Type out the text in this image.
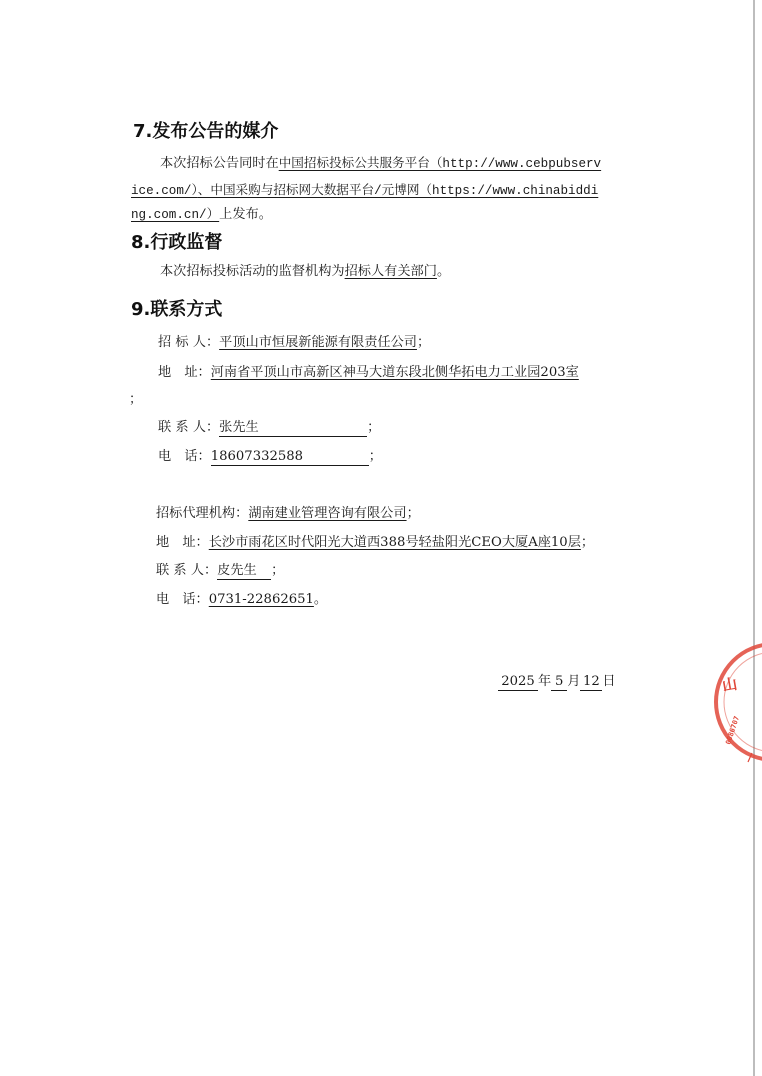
7.发布公告的媒介
本次招标公告同时在中国招标投标公共服务平台（http://www.cebpubserv
ice.com/）、中国采购与招标网大数据平台/元博网（https://www.chinabiddi
ng.com.cn/）上发布。
8.行政监督
本次招标投标活动的监督机构为招标人有关部门。
9.联系方式
招 标 人：平顶山市恒展新能源有限责任公司；
地　址：河南省平顶山市高新区神马大道东段北侧华拓电力工业园203室
；
联 系 人：张先生	；
电　话：18607332588	；
招标代理机构：湖南建业管理咨询有限公司；
地　址：长沙市雨花区时代阳光大道西388号轻盐阳光CEO大厦A座10层；
联 系 人：皮先生 ；
电　话：0731-22862651。
2025 年 5 月 12 日	山
0086707
